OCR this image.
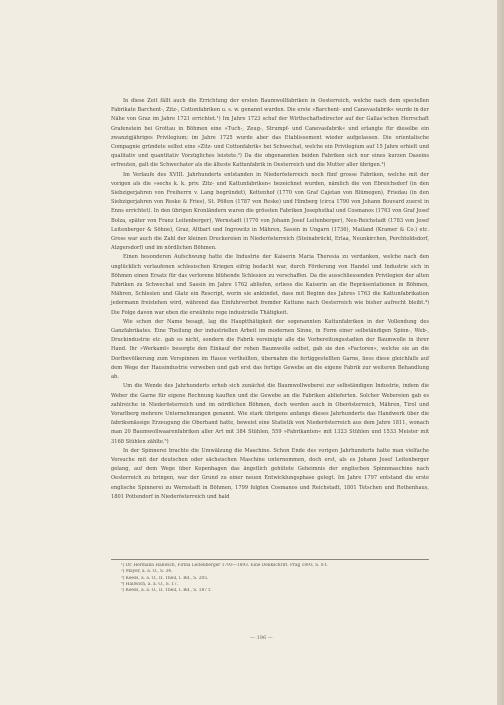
In diese Zeit fällt auch die Errichtung der ersten Baumwollfabriken in Oesterreich, welche nach dem speciellen Fabrikate Barchent-, Zitz-, Cottonfabriken u. s. w. genannt wurden. Die erste »Barchent- und Canevasfabrik« wurde in der Nähe von Graz im Jahre 1721 errichtet.¹) Im Jahre 1723 schuf der Wirthschaftsdirector auf der Gallas'schen Herrschaft Grafenstein bei Grottau in Böhmen eine »Tuch-, Zeug-, Strumpf- und Canevasfabrik« und erlangte für dieselbe ein zwanzigjähriges Privilegium; im Jahre 1725 wurde aber das Etablissement wieder aufgelassen. Die orientalische Compagnie gründete selbst eine »Zitz- und Cottonfabrik« bei Schwechat, welche ein Privilegium auf 15 Jahre erhielt und qualitativ und quantitativ Vorzügliches leistete.²) Da die obgenannten beiden Fabriken sich nur eines kurzen Daseins erfreuten, galt die Schwechater als die älteste Kattunfabrik in Oesterreich und die Mutter aller übrigen.³)

Im Verlaufe des XVIII. Jahrhunderts entstanden in Niederösterreich noch fünf grosse Fabriken, welche mit der vorigen als die »sechs k. k. priv. Zitz- und Kattunfabriken« bezeichnet wurden, nämlich die von Ebreichsdorf (in den Siebzigerjahren von Freiherrn v. Lang begründet), Kettenhof (1770 von Graf Cajetan von Blümegen), Friedau (in den Siebzigerjahren von Reske & Fries), St. Pölten (1787 von Reske) und Himberg (circa 1790 von Johann Bouvard zuerst in Enns errichtet). In den übrigen Kronländern waren die grössten Fabriken Josephsthal und Cosmanos (1763 von Graf Josef Bolza, später von Franz Leitenberger), Wernstadt (1770 von Johann Josef Leitenberger), Neu-Reichstadt (1783 von Josef Leitenberger & Söhne), Graz, Altbart und Ingrowitz in Mähren, Sassin in Ungarn (1736), Mailand (Kramer & Co.) etc. Gross war auch die Zahl der kleinen Druckereien in Niederösterreich (Steinabrückl, Erlaa, Neunkirchen, Perchtoldsdorf, Atzgersdorf) und im nördlichen Böhmen.

Einen besonderen Aufschwung hatte die Industrie der Kaiserin Maria Theresia zu verdanken, welche nach den unglücklich verlaufenen schlesischen Kriegen eifrig bedacht war, durch Förderung von Handel und Industrie sich in Böhmen einen Ersatz für das verlorene blühende Schlesien zu verschaffen. Da die ausschliessenden Privilegien der alten Fabriken zu Schwechat und Sassin im Jahre 1762 abliefen, erliess die Kaiserin an die Repräsentationen in Böhmen, Mähren, Schlesien und Glatz ein Rescript, worin sie ankündet, dass mit Beginn des Jahres 1763 die Kattunfabrikation jedermann freistehen wird, während das Einfuhrverbot fremder Kattune nach Oesterreich wie bisher aufrecht bleibt.⁴) Die Folge davon war eben die erwähnte rege industrielle Thätigkeit.

Wie schon der Name besagt, lag die Hauptthätigkeit der sogenannten Kattunfabriken in der Vollendung des Ganzfabrikates. Eine Theilung der industriellen Arbeit im modernen Sinne, in Form einer selbständigen Spinn-, Web-, Druckindustrie etc. gab es nicht, sondern die Fabrik vereinigte alle die Vorbereitungsstadien der Baumwolle in ihrer Hand. Ihr »Werkamt« besorgte den Einkauf der rohen Baumwolle selbst, gab sie den »Factoren«, welche sie an die Dorfbevölkerung zum Verspinnen im Hause vertheilten, übernahm die fertiggestellten Garne, liess diese gleichfalls auf dem Wege der Hausindustrie verweben und gab erst das fertige Gewebe an die eigene Fabrik zur weiteren Behandlung ab.

Um die Wende des Jahrhunderts erhob sich zunächst die Baumwollweberei zur selbständigen Industrie, indem die Weber die Garne für eigene Rechnung kauften und die Gewebe an die Fabriken ablieferten. Solcher Webereien gab es zahlreiche in Niederösterreich und im nördlichen Böhmen, doch werden auch in Oberösterreich, Mähren, Tirol und Vorarlberg mehrere Unternehmungen genannt. Wie stark übrigens anfangs dieses Jahrhunderts das Handwerk über die fabriksmässige Erzeugung die Oberhand hatte, beweist eine Statistik von Niederösterreich aus dem Jahre 1811, wonach man 20 Baumwollwaarenfabriken aller Art mit 384 Stühlen, 559 »Fabrikanten« mit 1323 Stühlen und 1533 Meister mit 3168 Stühlen zählte.⁵)

In der Spinnerei brachte die Umwälzung die Maschine. Schon Ende des vorigen Jahrhunderts hatte man vielfache Versuche mit der deutschen oder sächsischen Maschine unternommen, doch erst, als es Johann Josef Leitenberger gelang, auf dem Wege über Kopenhagen das ängstlich gehütete Geheimnis der englischen Spinnmaschine nach Oesterreich zu bringen, war der Grund zu einer neuen Entwicklungsphase gelegt. Im Jahre 1797 entstand die erste englische Spinnerei zu Wernstadt in Böhmen, 1799 folgten Cosmanos und Reichstadt, 1801 Tetschen und Rothenhaus, 1801 Pottendorf in Niederösterreich und bald

¹) Dr. Hermann Hallwich, Firma Leitenberger 1793—1893. Eine Denkschrift. Prag 1893, S. 8 f.
²) Mayer, a. a. O., S. 34.
³) Keess, a. a. O., II. Theil, I. Bd., S. 205.
⁴) Hallwich, a. a. O., S. 17.
⁵) Keess, a. a. O., II. Theil, I. Bd., S. 187 f.
— 196 —
